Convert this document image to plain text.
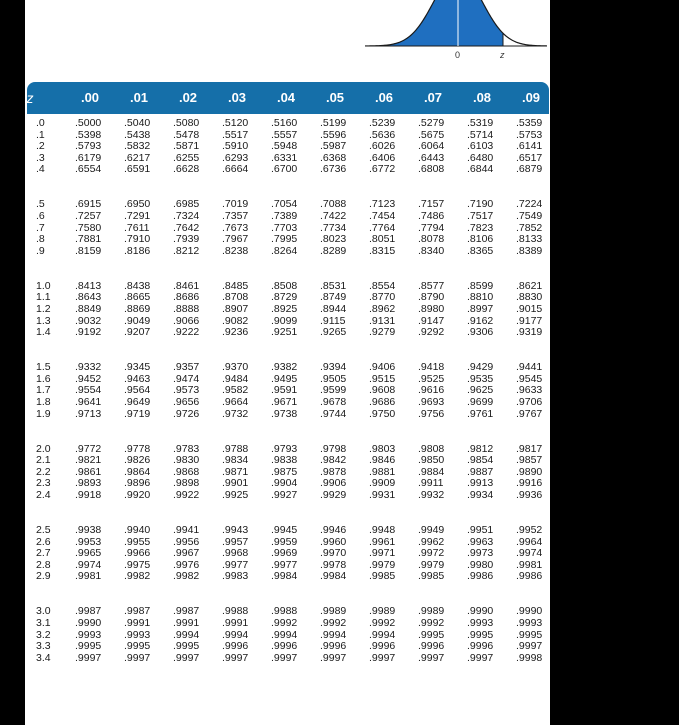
0	z
z	.00	.01	.02	.03	.04	.05	.06	.07	.08	.09
.0	.5000 .5040 .5080 .5120 .5160 .5199 .5239 .5279 .5319 .5359
.1	.5398 .5438 .5478 .5517 .5557 .5596 .5636 .5675 .5714 .5753
.2	.5793 .5832 .5871 .5910 .5948 .5987 .6026 .6064 .6103 .6141
.3	.6179 .6217 .6255 .6293 .6331 .6368 .6406 .6443 .6480 .6517
.4	.6554 .6591 .6628 .6664 .6700 .6736 .6772 .6808 .6844 .6879
.5	.6915 .6950 .6985 .7019 .7054 .7088 .7123 .7157 .7190 .7224
.6	.7257 .7291 .7324 .7357 .7389 .7422 .7454 .7486 .7517 .7549
.7	.7580 .7611 .7642 .7673 .7703 .7734 .7764 .7794 .7823 .7852
.8	.7881 .7910 .7939 .7967 .7995 .8023 .8051 .8078 .8106 .8133
.9	.8159 .8186 .8212 .8238 .8264 .8289 .8315 .8340 .8365 .8389
1.0 .8413 .8438 .8461 .8485 .8508 .8531 .8554 .8577 .8599 .8621
1.1 .8643 .8665 .8686 .8708 .8729 .8749 .8770 .8790 .8810 .8830
1.2 .8849 .8869 .8888 .8907 .8925 .8944 .8962 .8980 .8997 .9015
1.3 .9032 .9049 .9066 .9082 .9099 .9115 .9131 .9147 .9162 .9177
1.4 .9192 .9207 .9222 .9236 .9251 .9265 .9279 .9292 .9306 .9319
1.5 .9332 .9345 .9357 .9370 .9382 .9394 .9406 .9418 .9429 .9441
1.6 .9452 .9463 .9474 .9484 .9495 .9505 .9515 .9525 .9535 .9545
1.7 .9554 .9564 .9573 .9582 .9591 .9599 .9608 .9616 .9625 .9633
1.8 .9641 .9649 .9656 .9664 .9671 .9678 .9686 .9693 .9699 .9706
1.9 .9713 .9719 .9726 .9732 .9738 .9744 .9750 .9756 .9761 .9767
2.0 .9772 .9778 .9783 .9788 .9793 .9798 .9803 .9808 .9812 .9817
2.1 .9821 .9826 .9830 .9834 .9838 .9842 .9846 .9850 .9854 .9857
2.2 .9861 .9864 .9868 .9871 .9875 .9878 .9881 .9884 .9887 .9890
2.3 .9893 .9896 .9898 .9901 .9904 .9906 .9909 .9911 .9913 .9916
2.4 .9918 .9920 .9922 .9925 .9927 .9929 .9931 .9932 .9934 .9936
2.5 .9938 .9940 .9941 .9943 .9945 .9946 .9948 .9949 .9951 .9952
2.6 .9953 .9955 .9956 .9957 .9959 .9960 .9961 .9962 .9963 .9964
2.7 .9965 .9966 .9967 .9968 .9969 .9970 .9971 .9972 .9973 .9974
2.8 .9974 .9975 .9976 .9977 .9977 .9978 .9979 .9979 .9980 .9981
2.9 .9981 .9982 .9982 .9983 .9984 .9984 .9985 .9985 .9986 .9986
3.0 .9987 .9987 .9987 .9988 .9988 .9989 .9989 .9989 .9990 .9990
3.1 .9990 .9991 .9991 .9991 .9992 .9992 .9992 .9992 .9993 .9993
3.2 .9993 .9993 .9994 .9994 .9994 .9994 .9994 .9995 .9995 .9995
3.3 .9995 .9995 .9995 .9996 .9996 .9996 .9996 .9996 .9996 .9997
3.4 .9997 .9997 .9997 .9997 .9997 .9997 .9997 .9997 .9997 .9998
